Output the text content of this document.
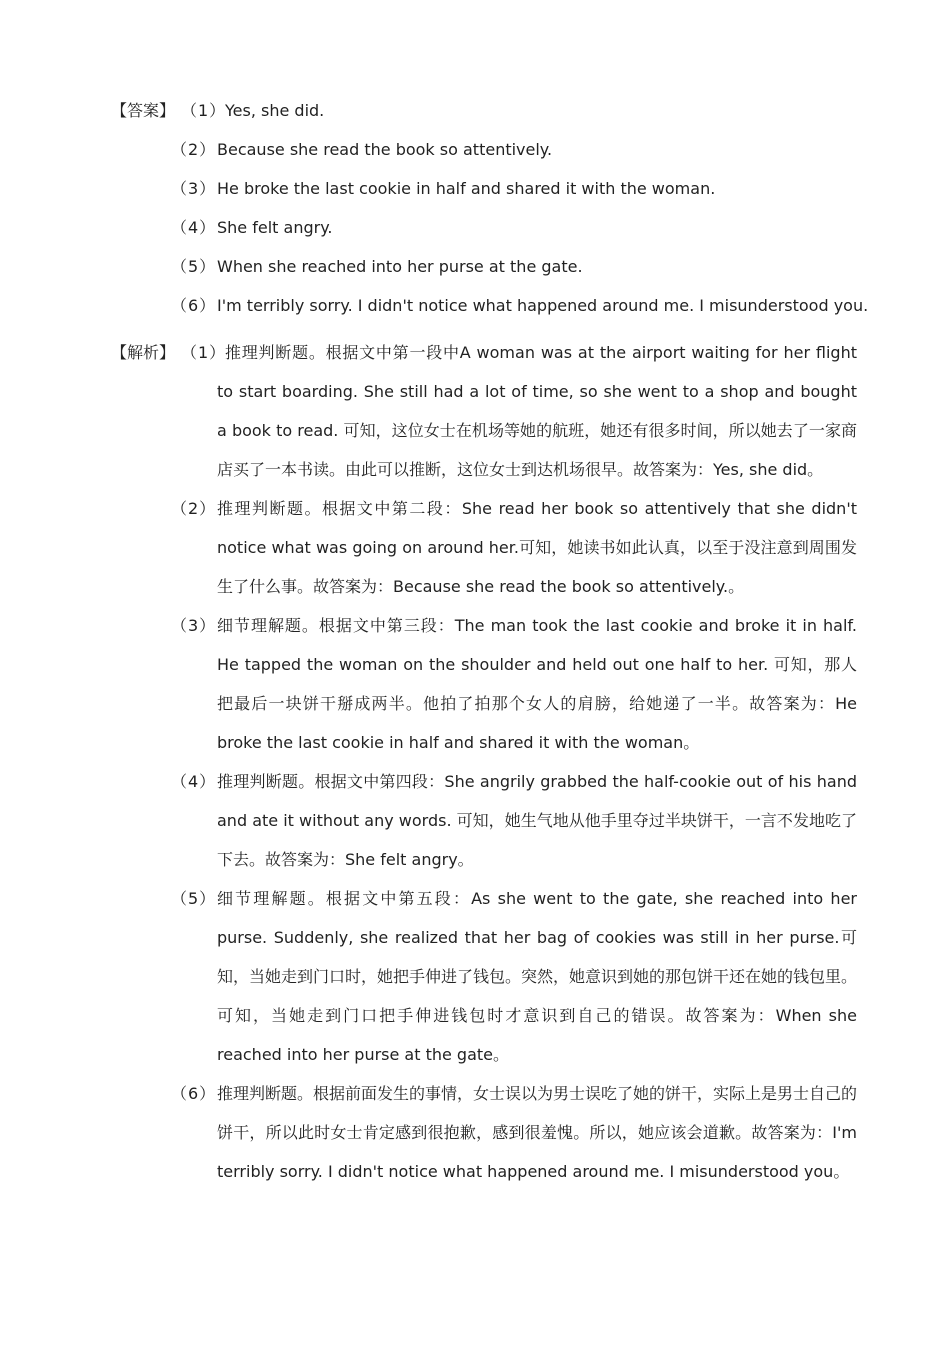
【答案】 （1）
Yes, she did.
（2） Because she read the book so attentively.
（3） He broke the last cookie in half and shared it with the woman.
（4） She felt angry.
（5） When she reached into her purse at the gate.
（6） I'm terribly sorry. I didn't notice what happened around me. I misunderstood you.
【解析】 （1）
推理判断题。根据文中第一段中A woman was at the airport waiting for her flight to start boarding. She still had a lot of time, so she went to a shop and bought a book to read. 可知，这位女士在机场等她的航班，她还有很多时间，所以她去了一家商店买了一本书读。由此可以推断，这位女士到达机场很早。故答案为：Yes, she did。
（2） 推理判断题。根据文中第二段：She read her book so attentively that she didn't notice what was going on around her.可知，她读书如此认真，以至于没注意到周围发生了什么事。故答案为：Because she read the book so attentively.。
（3） 细节理解题。根据文中第三段：The man took the last cookie and broke it in half. He tapped the woman on the shoulder and held out one half to her. 可知，那人把最后一块饼干掰成两半。他拍了拍那个女人的肩膀，给她递了一半。故答案为：He broke the last cookie in half and shared it with the woman。
（4） 推理判断题。根据文中第四段：She angrily grabbed the half-cookie out of his hand and ate it without any words. 可知，她生气地从他手里夺过半块饼干，一言不发地吃了下去。故答案为：She felt angry。
（5） 细节理解题。根据文中第五段：As she went to the gate, she reached into her purse. Suddenly, she realized that her bag of cookies was still in her purse.可知，当她走到门口时，她把手伸进了钱包。突然，她意识到她的那包饼干还在她的钱包里。可知，当她走到门口把手伸进钱包时才意识到自己的错误。故答案为：When she reached into her purse at the gate。
（6） 推理判断题。根据前面发生的事情，女士误以为男士误吃了她的饼干，实际上是男士自己的饼干，所以此时女士肯定感到很抱歉，感到很羞愧。所以，她应该会道歉。故答案为：I'm terribly sorry. I didn't notice what happened around me. I misunderstood you。
